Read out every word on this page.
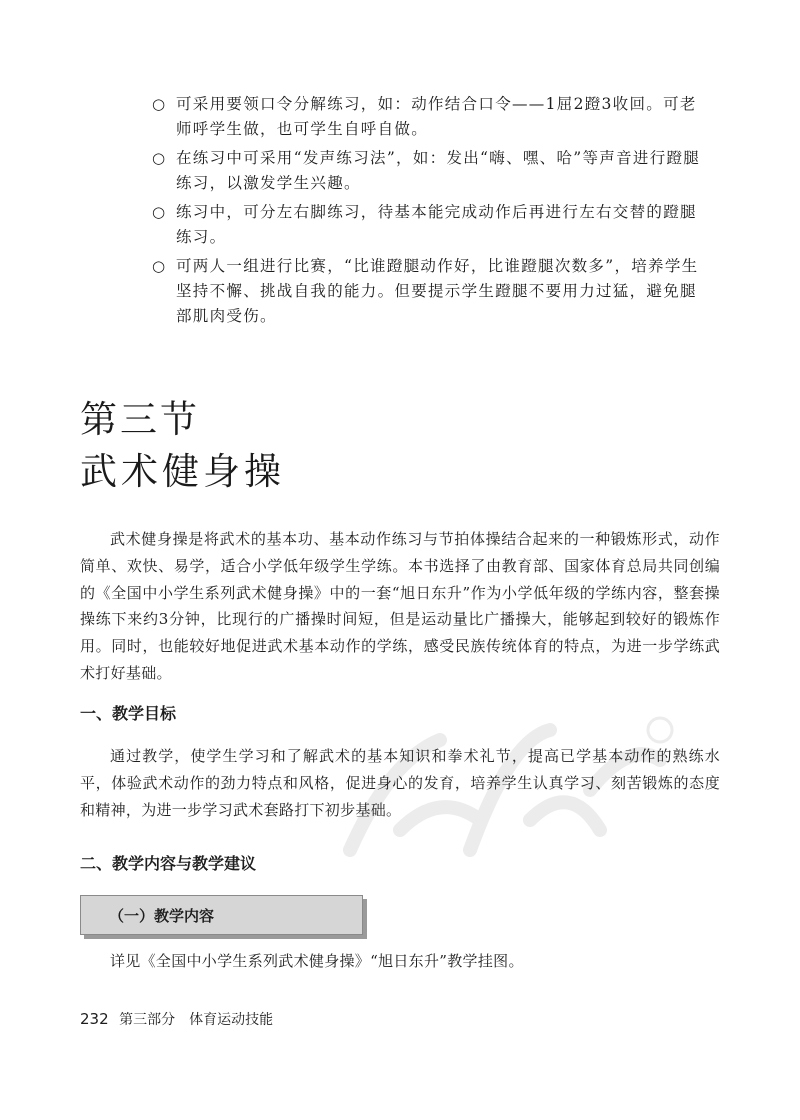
○ 可采用要领口令分解练习，如：动作结合口令——1屈2蹬3收回。可老师呼学生做，也可学生自呼自做。

○ 在练习中可采用“发声练习法”，如：发出“嗨、嘿、哈”等声音进行蹬腿练习，以激发学生兴趣。

○ 练习中，可分左右脚练习，待基本能完成动作后再进行左右交替的蹬腿练习。

○ 可两人一组进行比赛，“比谁蹬腿动作好，比谁蹬腿次数多”，培养学生坚持不懈、挑战自我的能力。但要提示学生蹬腿不要用力过猛，避免腿部肌肉受伤。

第三节
武术健身操

武术健身操是将武术的基本功、基本动作练习与节拍体操结合起来的一种锻炼形式，动作简单、欢快、易学，适合小学低年级学生学练。本书选择了由教育部、国家体育总局共同创编的《全国中小学生系列武术健身操》中的一套“旭日东升”作为小学低年级的学练内容，整套操操练下来约3分钟，比现行的广播操时间短，但是运动量比广播操大，能够起到较好的锻炼作用。同时，也能较好地促进武术基本动作的学练，感受民族传统体育的特点，为进一步学练武术打好基础。

一、教学目标

通过教学，使学生学习和了解武术的基本知识和拳术礼节，提高已学基本动作的熟练水平，体验武术动作的劲力特点和风格，促进身心的发育，培养学生认真学习、刻苦锻炼的态度和精神，为进一步学习武术套路打下初步基础。

二、教学内容与教学建议
（一）教学内容

详见《全国中小学生系列武术健身操》“旭日东升”教学挂图。

232 第三部分　体育运动技能
